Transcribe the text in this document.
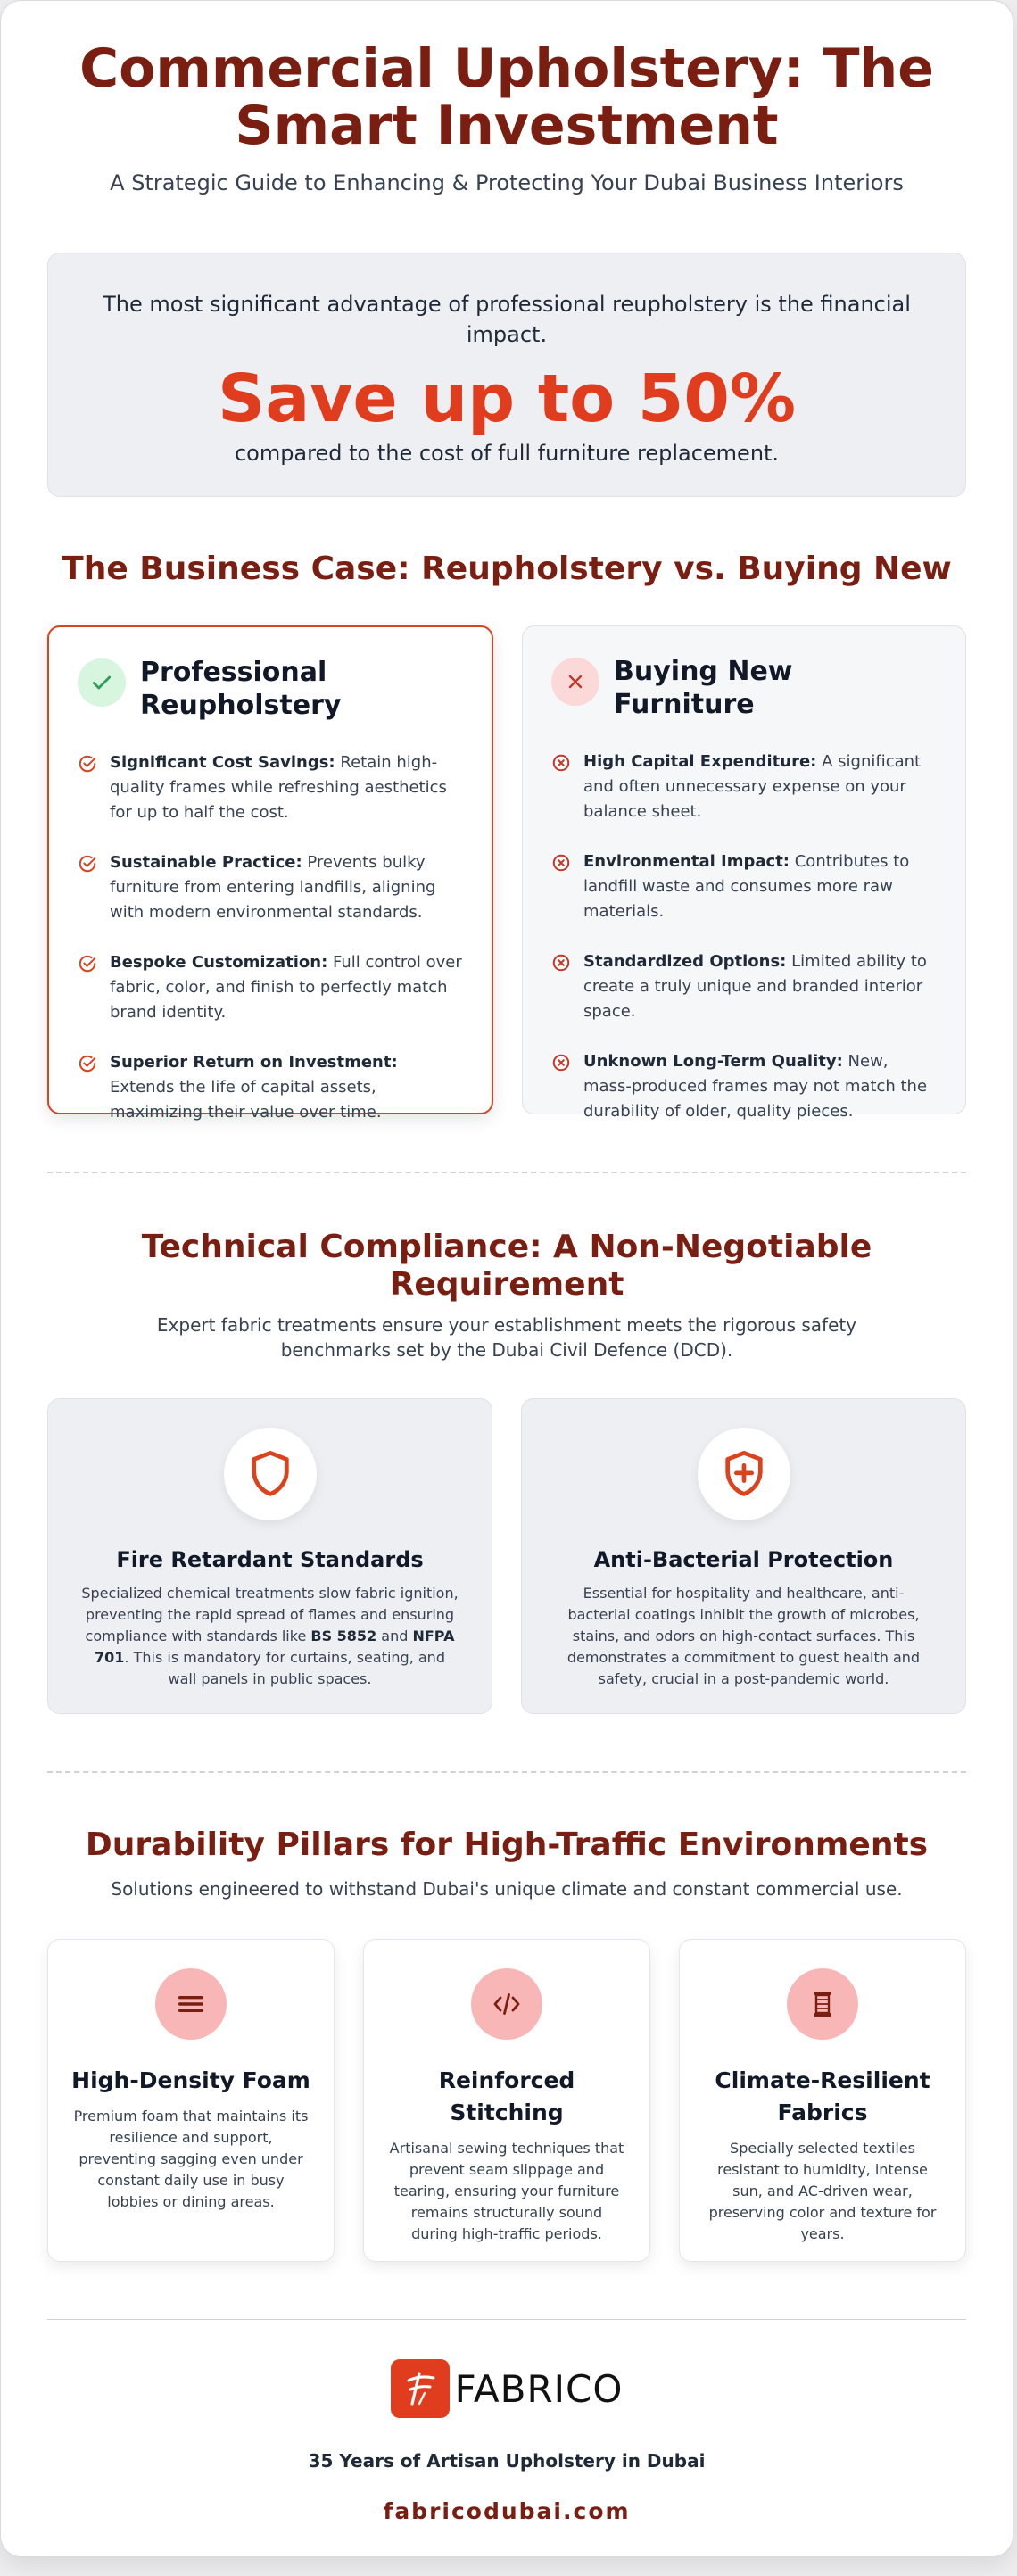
Commercial Upholstery: The Smart Investment
A Strategic Guide to Enhancing & Protecting Your Dubai Business Interiors
The most significant advantage of professional reupholstery is the financial impact.
Save up to 50%
compared to the cost of full furniture replacement.
The Business Case: Reupholstery vs. Buying New
Professional Reupholstery
Significant Cost Savings: Retain high-quality frames while refreshing aesthetics for up to half the cost.
Sustainable Practice: Prevents bulky furniture from entering landfills, aligning with modern environmental standards.
Bespoke Customization: Full control over fabric, color, and finish to perfectly match brand identity.
Superior Return on Investment: Extends the life of capital assets, maximizing their value over time.
Buying New Furniture
High Capital Expenditure: A significant and often unnecessary expense on your balance sheet.
Environmental Impact: Contributes to landfill waste and consumes more raw materials.
Standardized Options: Limited ability to create a truly unique and branded interior space.
Unknown Long-Term Quality: New, mass-produced frames may not match the durability of older, quality pieces.
Technical Compliance: A Non-Negotiable Requirement
Expert fabric treatments ensure your establishment meets the rigorous safety benchmarks set by the Dubai Civil Defence (DCD).
Fire Retardant Standards
Specialized chemical treatments slow fabric ignition, preventing the rapid spread of flames and ensuring compliance with standards like BS 5852 and NFPA 701. This is mandatory for curtains, seating, and wall panels in public spaces.
Anti-Bacterial Protection
Essential for hospitality and healthcare, anti-bacterial coatings inhibit the growth of microbes, stains, and odors on high-contact surfaces. This demonstrates a commitment to guest health and safety, crucial in a post-pandemic world.
Durability Pillars for High-Traffic Environments
Solutions engineered to withstand Dubai's unique climate and constant commercial use.
High-Density Foam
Premium foam that maintains its resilience and support, preventing sagging even under constant daily use in busy lobbies or dining areas.
Reinforced Stitching
Artisanal sewing techniques that prevent seam slippage and tearing, ensuring your furniture remains structurally sound during high-traffic periods.
Climate-Resilient Fabrics
Specially selected textiles resistant to humidity, intense sun, and AC-driven wear, preserving color and texture for years.
FABRICO
35 Years of Artisan Upholstery in Dubai
fabricodubai.com
